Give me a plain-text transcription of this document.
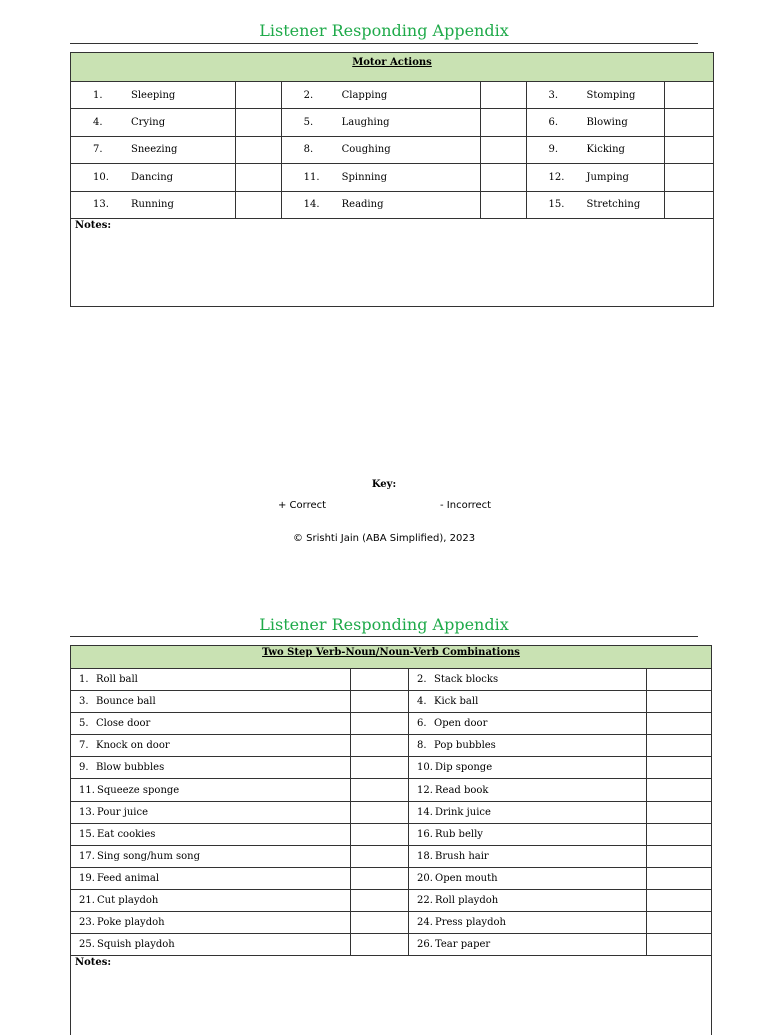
Listener Responding Appendix
Motor Actions
1.	Sleeping	2.	Clapping	3.	Stomping
4.	Crying	5.	Laughing	6.	Blowing
7.	Sneezing	8.	Coughing	9.	Kicking
10.	Dancing	11.	Spinning	12.	Jumping
13.	Running	14.	Reading	15.	Stretching
Notes:
Key:
+ Correct	- Incorrect
© Srishti Jain (ABA Simplified), 2023
Listener Responding Appendix
Two Step Verb-Noun/Noun-Verb Combinations
1. Roll ball	2. Stack blocks
3. Bounce ball	4. Kick ball
5. Close door	6. Open door
7. Knock on door	8. Pop bubbles
9. Blow bubbles	10. Dip sponge
11. Squeeze sponge	12. Read book
13. Pour juice	14. Drink juice
15. Eat cookies	16. Rub belly
17. Sing song/hum song	18. Brush hair
19. Feed animal	20. Open mouth
21. Cut playdoh	22. Roll playdoh
23. Poke playdoh	24. Press playdoh
25. Squish playdoh	26. Tear paper
Notes:
